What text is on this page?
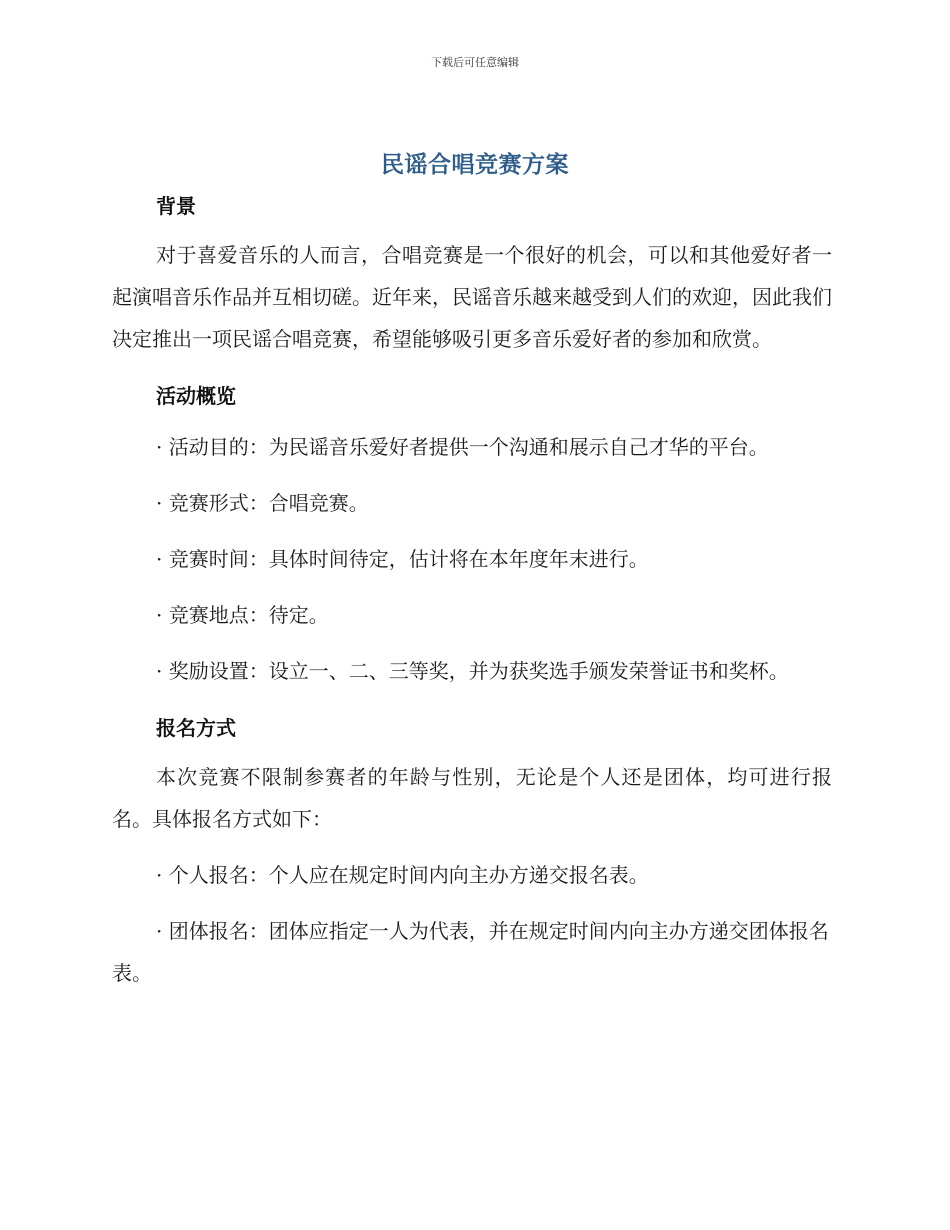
下载后可任意编辑
民谣合唱竞赛方案
背景

对于喜爱音乐的人而言，合唱竞赛是一个很好的机会，可以和其他爱好者一起演唱音乐作品并互相切磋。近年来，民谣音乐越来越受到人们的欢迎，因此我们决定推出一项民谣合唱竞赛，希望能够吸引更多音乐爱好者的参加和欣赏。

活动概览

· 活动目的：为民谣音乐爱好者提供一个沟通和展示自己才华的平台。

· 竞赛形式：合唱竞赛。

· 竞赛时间：具体时间待定，估计将在本年度年末进行。

· 竞赛地点：待定。

· 奖励设置：设立一、二、三等奖，并为获奖选手颁发荣誉证书和奖杯。

报名方式

本次竞赛不限制参赛者的年龄与性别，无论是个人还是团体，均可进行报名。具体报名方式如下：

· 个人报名：个人应在规定时间内向主办方递交报名表。

· 团体报名：团体应指定一人为代表，并在规定时间内向主办方递交团体报名表。
